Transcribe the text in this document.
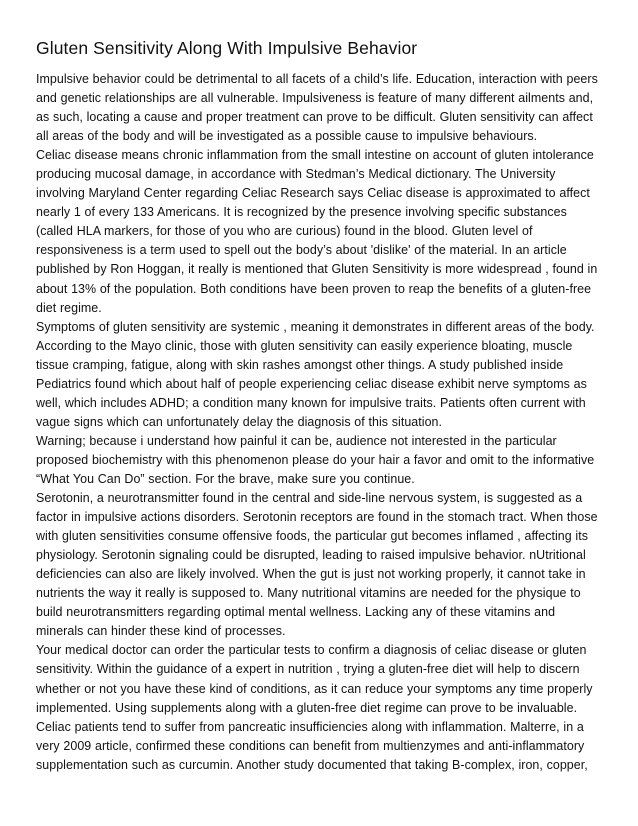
Gluten Sensitivity Along With Impulsive Behavior

Impulsive behavior could be detrimental to all facets of a child’s life. Education, interaction with peers
and genetic relationships are all vulnerable. Impulsiveness is feature of many different ailments and,
as such, locating a cause and proper treatment can prove to be difficult. Gluten sensitivity can affect
all areas of the body and will be investigated as a possible cause to impulsive behaviours.

Celiac disease means chronic inflammation from the small intestine on account of gluten intolerance
producing mucosal damage, in accordance with Stedman’s Medical dictionary. The University
involving Maryland Center regarding Celiac Research says Celiac disease is approximated to affect
nearly 1 of every 133 Americans. It is recognized by the presence involving specific substances
(called HLA markers, for those of you who are curious) found in the blood. Gluten level of
responsiveness is a term used to spell out the body’s about 'dislike' of the material. In an article
published by Ron Hoggan, it really is mentioned that Gluten Sensitivity is more widespread , found in
about 13% of the population. Both conditions have been proven to reap the benefits of a gluten-free
diet regime.

Symptoms of gluten sensitivity are systemic , meaning it demonstrates in different areas of the body.
According to the Mayo clinic, those with gluten sensitivity can easily experience bloating, muscle
tissue cramping, fatigue, along with skin rashes amongst other things. A study published inside
Pediatrics found which about half of people experiencing celiac disease exhibit nerve symptoms as
well, which includes ADHD; a condition many known for impulsive traits. Patients often current with
vague signs which can unfortunately delay the diagnosis of this situation.

Warning; because i understand how painful it can be, audience not interested in the particular
proposed biochemistry with this phenomenon please do your hair a favor and omit to the informative
“What You Can Do” section. For the brave, make sure you continue.

Serotonin, a neurotransmitter found in the central and side-line nervous system, is suggested as a
factor in impulsive actions disorders. Serotonin receptors are found in the stomach tract. When those
with gluten sensitivities consume offensive foods, the particular gut becomes inflamed , affecting its
physiology. Serotonin signaling could be disrupted, leading to raised impulsive behavior. nUtritional
deficiencies can also are likely involved. When the gut is just not working properly, it cannot take in
nutrients the way it really is supposed to. Many nutritional vitamins are needed for the physique to
build neurotransmitters regarding optimal mental wellness. Lacking any of these vitamins and
minerals can hinder these kind of processes.

Your medical doctor can order the particular tests to confirm a diagnosis of celiac disease or gluten
sensitivity. Within the guidance of a expert in nutrition , trying a gluten-free diet will help to discern
whether or not you have these kind of conditions, as it can reduce your symptoms any time properly
implemented. Using supplements along with a gluten-free diet regime can prove to be invaluable.

Celiac patients tend to suffer from pancreatic insufficiencies along with inflammation. Malterre, in a
very 2009 article, confirmed these conditions can benefit from multienzymes and anti-inflammatory
supplementation such as curcumin. Another study documented that taking B-complex, iron, copper,
